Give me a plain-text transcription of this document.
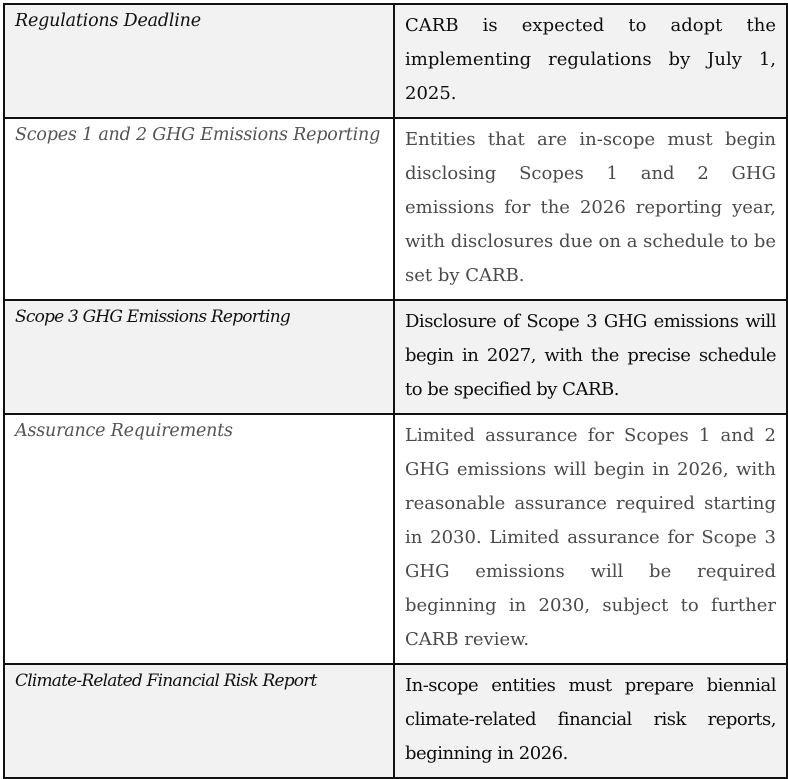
Regulations Deadline	CARB is expected to adopt the implementing regulations by July 1, 2025.
Scopes 1 and 2 GHG Emissions Reporting	Entities that are in-scope must begin disclosing Scopes 1 and 2 GHG emissions for the 2026 reporting year, with disclosures due on a schedule to be set by CARB.
Scope 3 GHG Emissions Reporting	Disclosure of Scope 3 GHG emissions will begin in 2027, with the precise schedule to be specified by CARB.
Assurance Requirements	Limited assurance for Scopes 1 and 2 GHG emissions will begin in 2026, with reasonable assurance required starting in 2030. Limited assurance for Scope 3 GHG emissions will be required beginning in 2030, subject to further CARB review.
Climate-Related Financial Risk Report	In-scope entities must prepare biennial climate-related financial risk reports, beginning in 2026.
